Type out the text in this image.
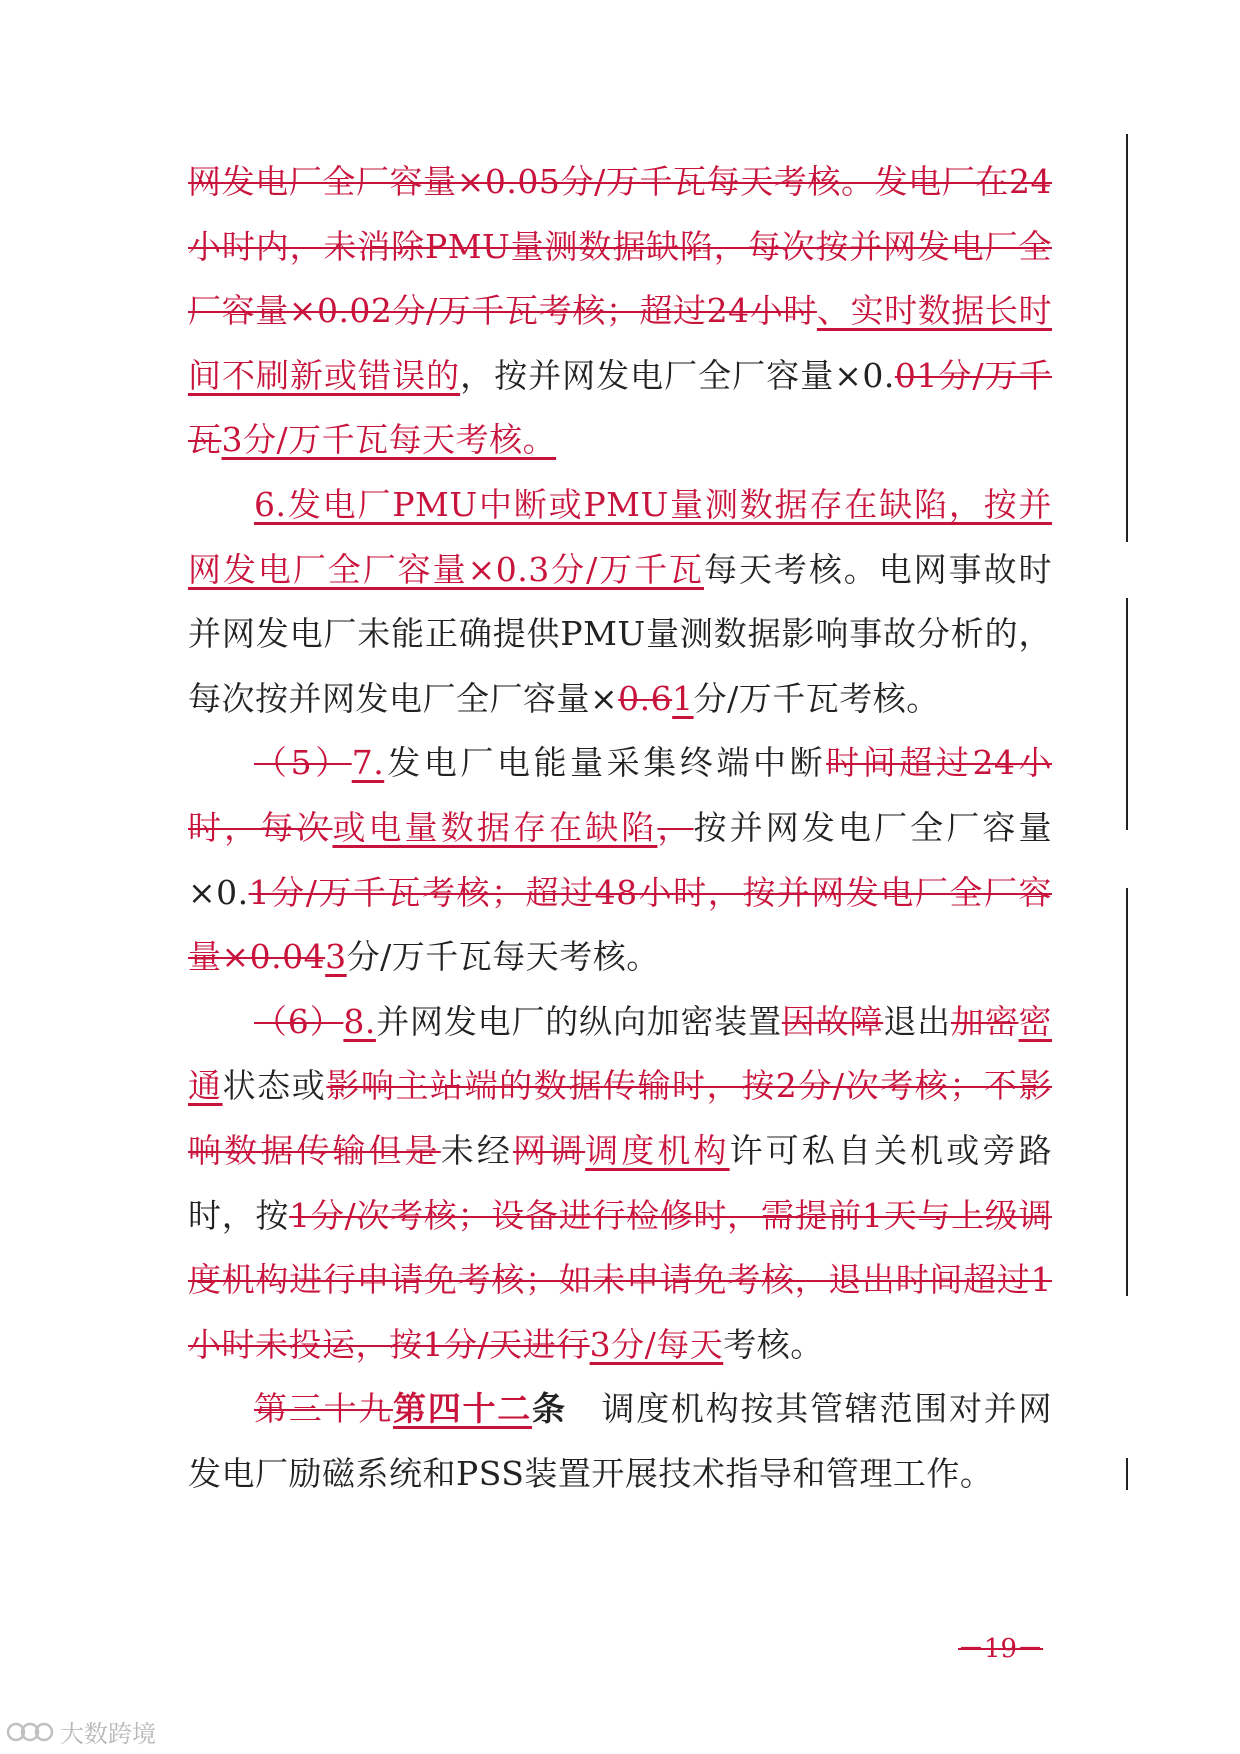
网发电厂全厂容量×0.05分/万千瓦每天考核。发电厂在24小时内，未消除PMU量测数据缺陷，每次按并网发电厂全厂容量×0.02分/万千瓦考核；超过24小时、实时数据长时间不刷新或错误的，按并网发电厂全厂容量×0.01分/万千瓦3分/万千瓦每天考核。

6.发电厂PMU中断或PMU量测数据存在缺陷，按并网发电厂全厂容量×0.3分/万千瓦每天考核。电网事故时并网发电厂未能正确提供PMU量测数据影响事故分析的，每次按并网发电厂全厂容量×0.61分/万千瓦考核。

（5）7.发电厂电能量采集终端中断时间超过24小时，每次或电量数据存在缺陷，按并网发电厂全厂容量×0.1分/万千瓦考核；超过48小时，按并网发电厂全厂容量×0.043分/万千瓦每天考核。

（6）8.并网发电厂的纵向加密装置因故障退出加密密通状态或影响主站端的数据传输时，按2分/次考核；不影响数据传输但是未经网调调度机构许可私自关机或旁路时，按1分/次考核；设备进行检修时，需提前1天与上级调度机构进行申请免考核；如未申请免考核，退出时间超过1小时未投运，按1分/天进行3分/每天考核。

第三十九第四十二条　调度机构按其管辖范围对并网发电厂励磁系统和PSS装置开展技术指导和管理工作。

－19－
大数跨境
